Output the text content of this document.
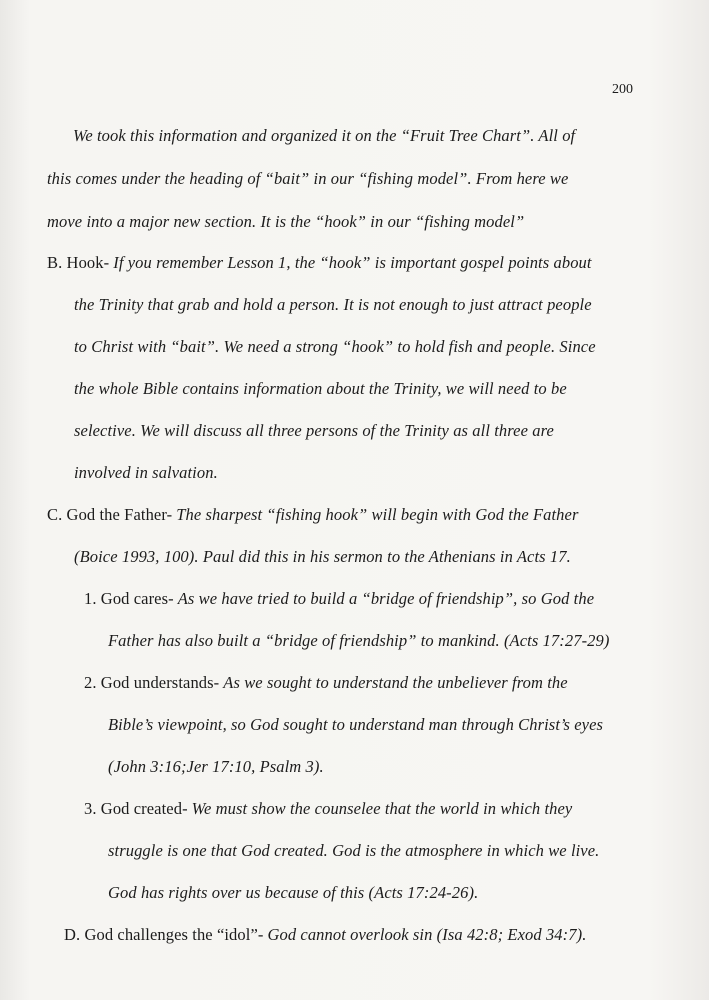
200
We took this information and organized it on the “Fruit Tree Chart”. All of
this comes under the heading of “bait” in our “fishing model”. From here we
move into a major new section. It is the “hook” in our “fishing model”
B. Hook- If you remember Lesson 1, the “hook” is important gospel points about
the Trinity that grab and hold a person. It is not enough to just attract people
to Christ with “bait”. We need a strong “hook” to hold fish and people. Since
the whole Bible contains information about the Trinity, we will need to be
selective. We will discuss all three persons of the Trinity as all three are
involved in salvation.
C. God the Father- The sharpest “fishing hook” will begin with God the Father
(Boice 1993, 100). Paul did this in his sermon to the Athenians in Acts 17.
1. God cares- As we have tried to build a “bridge of friendship”, so God the
Father has also built a “bridge of friendship” to mankind. (Acts 17:27-29)
2. God understands- As we sought to understand the unbeliever from the
Bible’s viewpoint, so God sought to understand man through Christ’s eyes
(John 3:16;Jer 17:10, Psalm 3).
3. God created- We must show the counselee that the world in which they
struggle is one that God created. God is the atmosphere in which we live.
God has rights over us because of this (Acts 17:24-26).
D. God challenges the “idol”- God cannot overlook sin (Isa 42:8; Exod 34:7).
